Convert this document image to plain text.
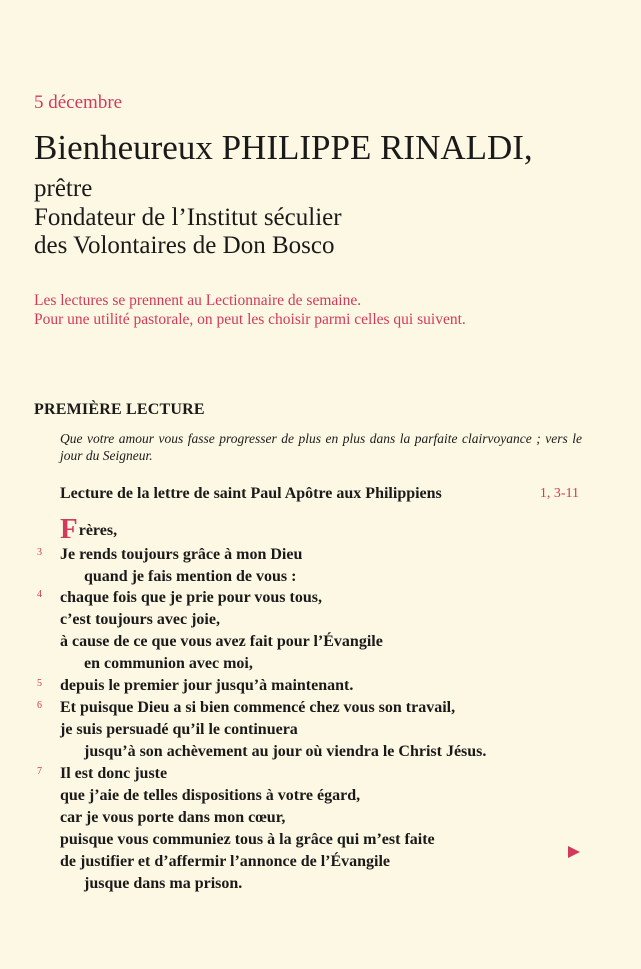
5 décembre
Bienheureux PHILIPPE RINALDI,
prêtre
Fondateur de l’Institut séculier
des Volontaires de Don Bosco
Les lectures se prennent au Lectionnaire de semaine.
Pour une utilité pastorale, on peut les choisir parmi celles qui suivent.
PREMIÈRE LECTURE
Que votre amour vous fasse progresser de plus en plus dans la parfaite clairvoyance ; vers le jour du Seigneur.
Lecture de la lettre de saint Paul Apôtre aux Philippiens	1, 3-11
Frères,
3 Je rends toujours grâce à mon Dieu
quand je fais mention de vous :
4 chaque fois que je prie pour vous tous,
c’est toujours avec joie,
à cause de ce que vous avez fait pour l’Évangile
en communion avec moi,
5 depuis le premier jour jusqu’à maintenant.
6 Et puisque Dieu a si bien commencé chez vous son travail,
je suis persuadé qu’il le continuera
jusqu’à son achèvement au jour où viendra le Christ Jésus.
7 Il est donc juste
que j’aie de telles dispositions à votre égard,
car je vous porte dans mon cœur,
puisque vous communiez tous à la grâce qui m’est faite
de justifier et d’affermir l’annonce de l’Évangile
jusque dans ma prison.
